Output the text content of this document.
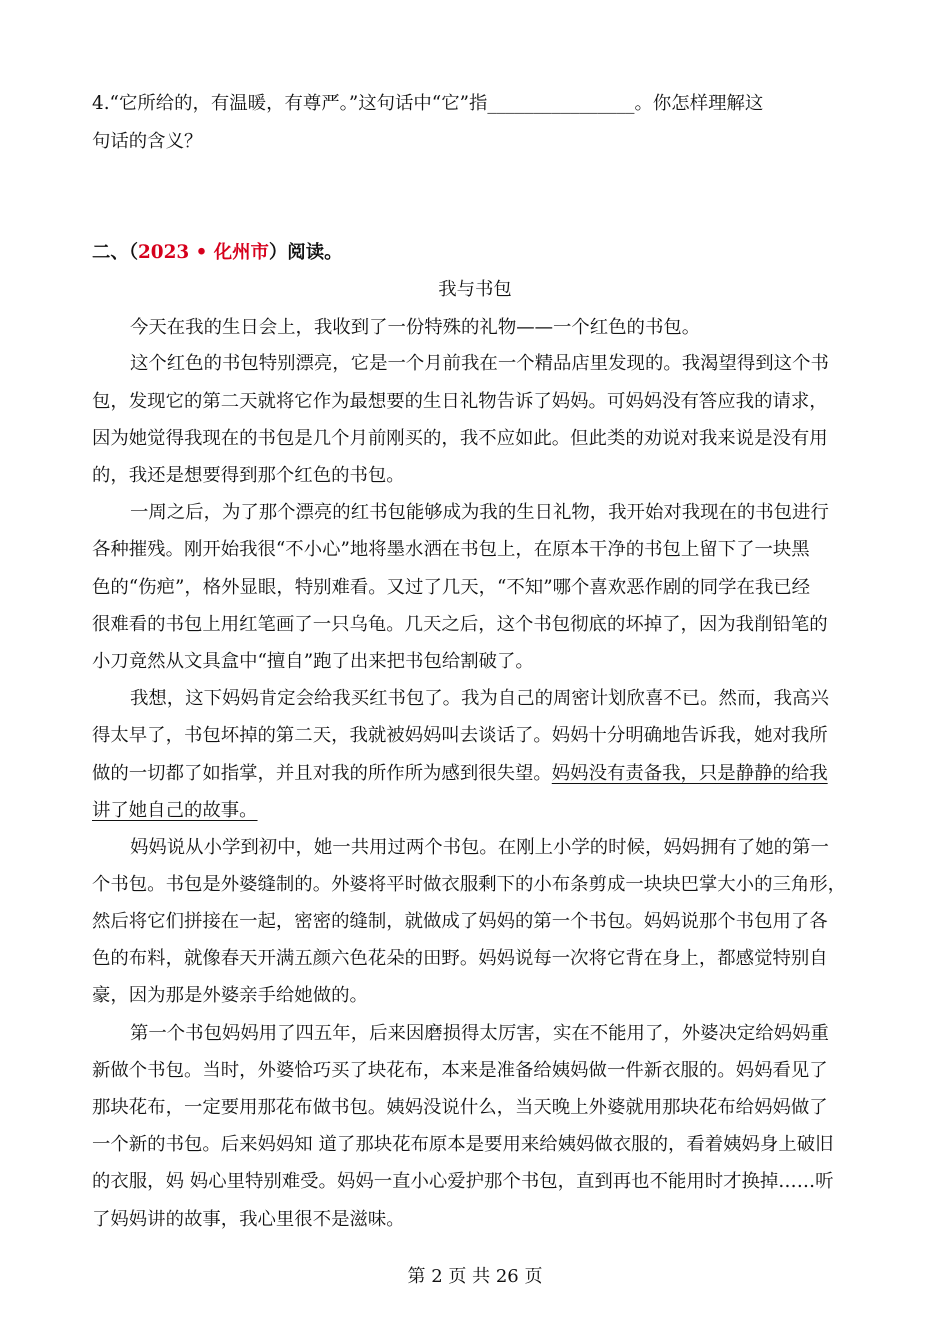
4.“它所给的，有温暖，有尊严。”这句话中“它”指________________。你怎样理解这
句话的含义？
二、（2023 • 化州市）阅读。
我与书包
今天在我的生日会上，我收到了一份特殊的礼物——一个红色的书包。
这个红色的书包特别漂亮，它是一个月前我在一个精品店里发现的。我渴望得到这个书
包，发现它的第二天就将它作为最想要的生日礼物告诉了妈妈。可妈妈没有答应我的请求，
因为她觉得我现在的书包是几个月前刚买的，我不应如此。但此类的劝说对我来说是没有用
的，我还是想要得到那个红色的书包。
一周之后，为了那个漂亮的红书包能够成为我的生日礼物，我开始对我现在的书包进行
各种摧残。刚开始我很“不小心”地将墨水洒在书包上，在原本干净的书包上留下了一块黑
色的“伤疤”，格外显眼，特别难看。又过了几天，“不知”哪个喜欢恶作剧的同学在我已经
很难看的书包上用红笔画了一只乌龟。几天之后，这个书包彻底的坏掉了，因为我削铅笔的
小刀竟然从文具盒中“擅自”跑了出来把书包给割破了。
我想，这下妈妈肯定会给我买红书包了。我为自己的周密计划欣喜不已。然而，我高兴
得太早了，书包坏掉的第二天，我就被妈妈叫去谈话了。妈妈十分明确地告诉我，她对我所
做的一切都了如指掌，并且对我的所作所为感到很失望。妈妈没有责备我，只是静静的给我
讲了她自己的故事。
妈妈说从小学到初中，她一共用过两个书包。在刚上小学的时候，妈妈拥有了她的第一
个书包。书包是外婆缝制的。外婆将平时做衣服剩下的小布条剪成一块块巴掌大小的三角形，
然后将它们拼接在一起，密密的缝制，就做成了妈妈的第一个书包。妈妈说那个书包用了各
色的布料，就像春天开满五颜六色花朵的田野。妈妈说每一次将它背在身上，都感觉特别自
豪，因为那是外婆亲手给她做的。
第一个书包妈妈用了四五年，后来因磨损得太厉害，实在不能用了，外婆决定给妈妈重
新做个书包。当时，外婆恰巧买了块花布，本来是准备给姨妈做一件新衣服的。妈妈看见了
那块花布，一定要用那花布做书包。姨妈没说什么，当天晚上外婆就用那块花布给妈妈做了
一个新的书包。后来妈妈知 道了那块花布原本是要用来给姨妈做衣服的，看着姨妈身上破旧
的衣服，妈 妈心里特别难受。妈妈一直小心爱护那个书包，直到再也不能用时才换掉……听
了妈妈讲的故事，我心里很不是滋味。
第 2 页 共 26 页
